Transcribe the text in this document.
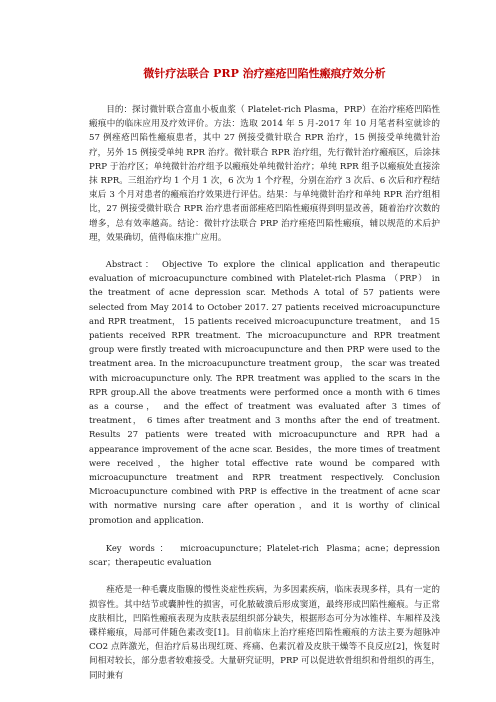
微针疗法联合 PRP 治疗痤疮凹陷性瘢痕疗效分析

目的：探讨微针联合富血小板血浆（ Platelet-rich Plasma，PRP）在治疗痤疮凹陷性瘢痕中的临床应用及疗效评价。方法：选取 2014 年 5 月-2017 年 10 月笔者科室就诊的 57 例痤疮凹陷性瘢痕患者，其中 27 例接受微针联合 RPR 治疗，15 例接受单纯微针治疗，另外 15 例接受单纯 RPR 治疗。微针联合 RPR 治疗组，先行微针治疗瘢痕区，后涂抹 PRP 于治疗区；单纯微针治疗组予以瘢痕处单纯微针治疗；单纯 RPR 组予以瘢痕处直接涂抹 RPR。三组治疗均 1 个月 1 次，6 次为 1 个疗程，分别在治疗 3 次后、6 次后和疗程结束后 3 个月对患者的瘢痕治疗效果进行评估。结果：与单纯微针治疗和单纯 RPR 治疗组相比，27 例接受微针联合 RPR 治疗患者面部痤疮凹陷性瘢痕得到明显改善，随着治疗次数的增多，总有效率越高。结论：微针疗法联合 PRP 治疗痤疮凹陷性瘢痕，辅以规范的术后护理，效果确切，值得临床推广应用。

Abstract： Objective To explore the clinical application and therapeutic evaluation of microacupuncture combined with Platelet-rich Plasma （PRP） in the treatment of acne depression scar. Methods A total of 57 patients were selected from May 2014 to October 2017. 27 patients received microacupuncture and RPR treatment， 15 patients received microacupuncture treatment， and 15 patients received RPR treatment. The microacupuncture and RPR treatment group were firstly treated with microacupuncture and then PRP were used to the treatment area. In the microacupuncture treatment group， the scar was treated with microacupuncture only. The RPR treatment was applied to the scars in the RPR group.All the above treatments were performed once a month with 6 times as a course， and the effect of treatment was evaluated after 3 times of treatment， 6 times after treatment and 3 months after the end of treatment. Results 27 patients were treated with microacupuncture and RPR had a appearance improvement of the acne scar. Besides，the more times of treatment were received，the higher total effective rate wound be compared with microacupuncture treatment and RPR treatment respectively. Conclusion Microacupuncture combined with PRP is effective in the treatment of acne scar with normative nursing care after operation，and it is worthy of clinical promotion and application.

Key words： microacupuncture；Platelet-rich Plasma；acne；depression scar；therapeutic evaluation

痤疮是一种毛囊皮脂腺的慢性炎症性疾病，为多因素疾病，临床表现多样，具有一定的损容性。其中结节或囊肿性的损害，可化脓破溃后形成窦道，最终形成凹陷性瘢痕。与正常皮肤相比，凹陷性瘢痕表现为皮肤表层组织部分缺失，根据形态可分为冰锥样、车厢样及浅碟样瘢痕，局部可伴随色素改变[1]。目前临床上治疗痤疮凹陷性瘢痕的方法主要为超脉冲 CO2 点阵激光，但治疗后易出现红斑、疼痛、色素沉着及皮肤干燥等不良反应[2]，恢复时间相对较长，部分患者较难接受。大量研究证明，PRP 可以促进软骨组织和骨组织的再生，同时兼有
